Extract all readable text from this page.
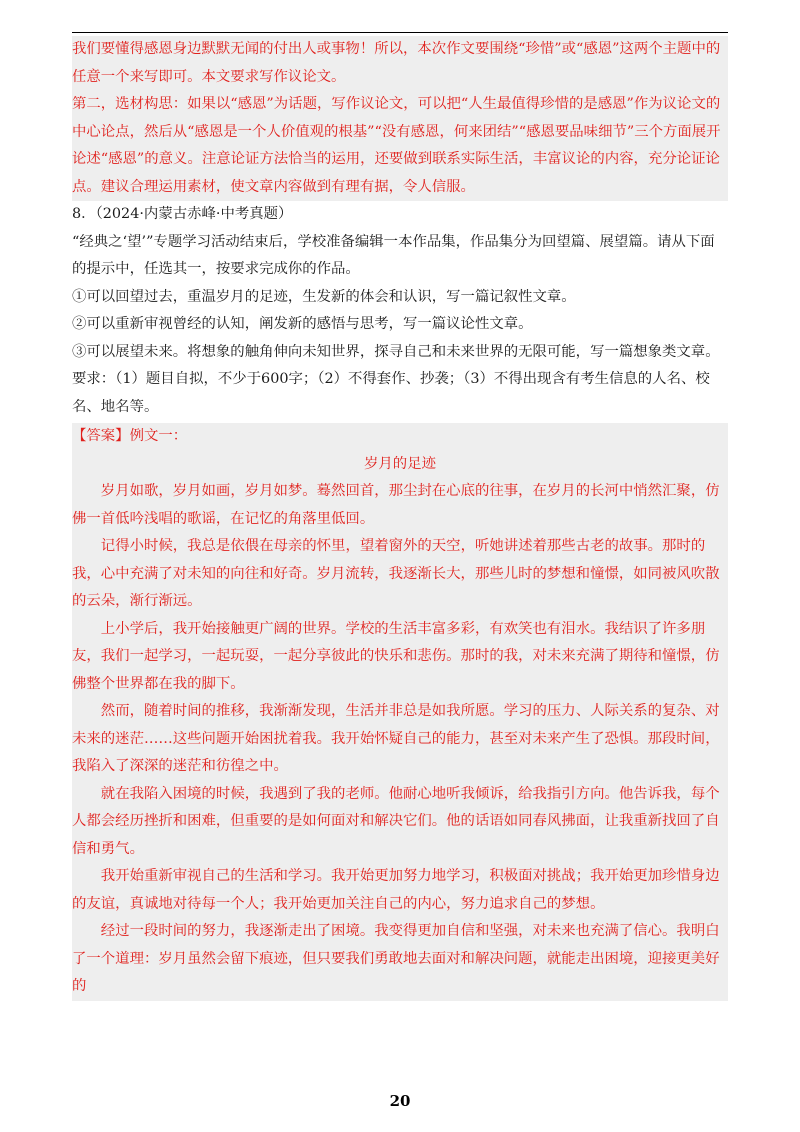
我们要懂得感恩身边默默无闻的付出人或事物！所以，本次作文要围绕“珍惜”或“感恩”这两个主题中的任意一个来写即可。本文要求写作议论文。

第二，选材构思：如果以“感恩”为话题，写作议论文，可以把“人生最值得珍惜的是感恩”作为议论文的中心论点，然后从“感恩是一个人价值观的根基”“没有感恩，何来团结”“感恩要品味细节”三个方面展开论述“感恩”的意义。注意论证方法恰当的运用，还要做到联系实际生活，丰富议论的内容，充分论证论点。建议合理运用素材，使文章内容做到有理有据，令人信服。

8．（2024·内蒙古赤峰·中考真题）

“经典之‘望’”专题学习活动结束后，学校准备编辑一本作品集，作品集分为回望篇、展望篇。请从下面的提示中，任选其一，按要求完成你的作品。

①可以回望过去，重温岁月的足迹，生发新的体会和认识，写一篇记叙性文章。

②可以重新审视曾经的认知，阐发新的感悟与思考，写一篇议论性文章。

③可以展望未来。将想象的触角伸向未知世界，探寻自己和未来世界的无限可能，写一篇想象类文章。

要求：（1）题目自拟，不少于600字；（2）不得套作、抄袭；（3）不得出现含有考生信息的人名、校名、地名等。

【答案】例文一：

岁月的足迹

岁月如歌，岁月如画，岁月如梦。蓦然回首，那尘封在心底的往事，在岁月的长河中悄然汇聚，仿佛一首低吟浅唱的歌谣，在记忆的角落里低回。

记得小时候，我总是依偎在母亲的怀里，望着窗外的天空，听她讲述着那些古老的故事。那时的我，心中充满了对未知的向往和好奇。岁月流转，我逐渐长大，那些儿时的梦想和憧憬，如同被风吹散的云朵，渐行渐远。

上小学后，我开始接触更广阔的世界。学校的生活丰富多彩，有欢笑也有泪水。我结识了许多朋友，我们一起学习，一起玩耍，一起分享彼此的快乐和悲伤。那时的我，对未来充满了期待和憧憬，仿佛整个世界都在我的脚下。

然而，随着时间的推移，我渐渐发现，生活并非总是如我所愿。学习的压力、人际关系的复杂、对未来的迷茫……这些问题开始困扰着我。我开始怀疑自己的能力，甚至对未来产生了恐惧。那段时间，我陷入了深深的迷茫和彷徨之中。

就在我陷入困境的时候，我遇到了我的老师。他耐心地听我倾诉，给我指引方向。他告诉我，每个人都会经历挫折和困难，但重要的是如何面对和解决它们。他的话语如同春风拂面，让我重新找回了自信和勇气。

我开始重新审视自己的生活和学习。我开始更加努力地学习，积极面对挑战；我开始更加珍惜身边的友谊，真诚地对待每一个人；我开始更加关注自己的内心，努力追求自己的梦想。

经过一段时间的努力，我逐渐走出了困境。我变得更加自信和坚强，对未来也充满了信心。我明白了一个道理：岁月虽然会留下痕迹，但只要我们勇敢地去面对和解决问题，就能走出困境，迎接更美好的

20
